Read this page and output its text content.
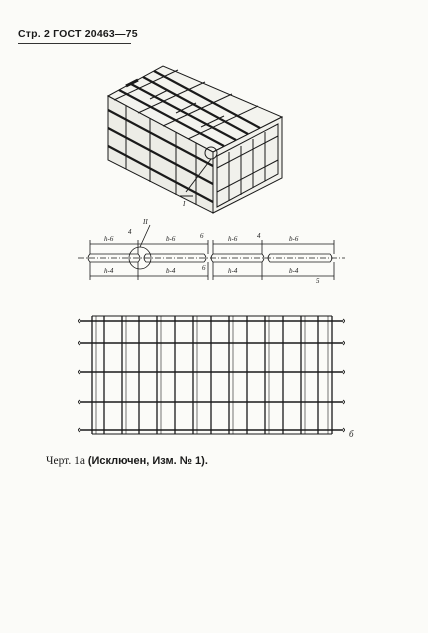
Стр. 2 ГОСТ 20463—75
I
II
h-6	b-6	6	h-6	4	b-6
h-4	b-4	6	h-4	b-4
4
5
б
Черт. 1а (Исключен, Изм. № 1).
